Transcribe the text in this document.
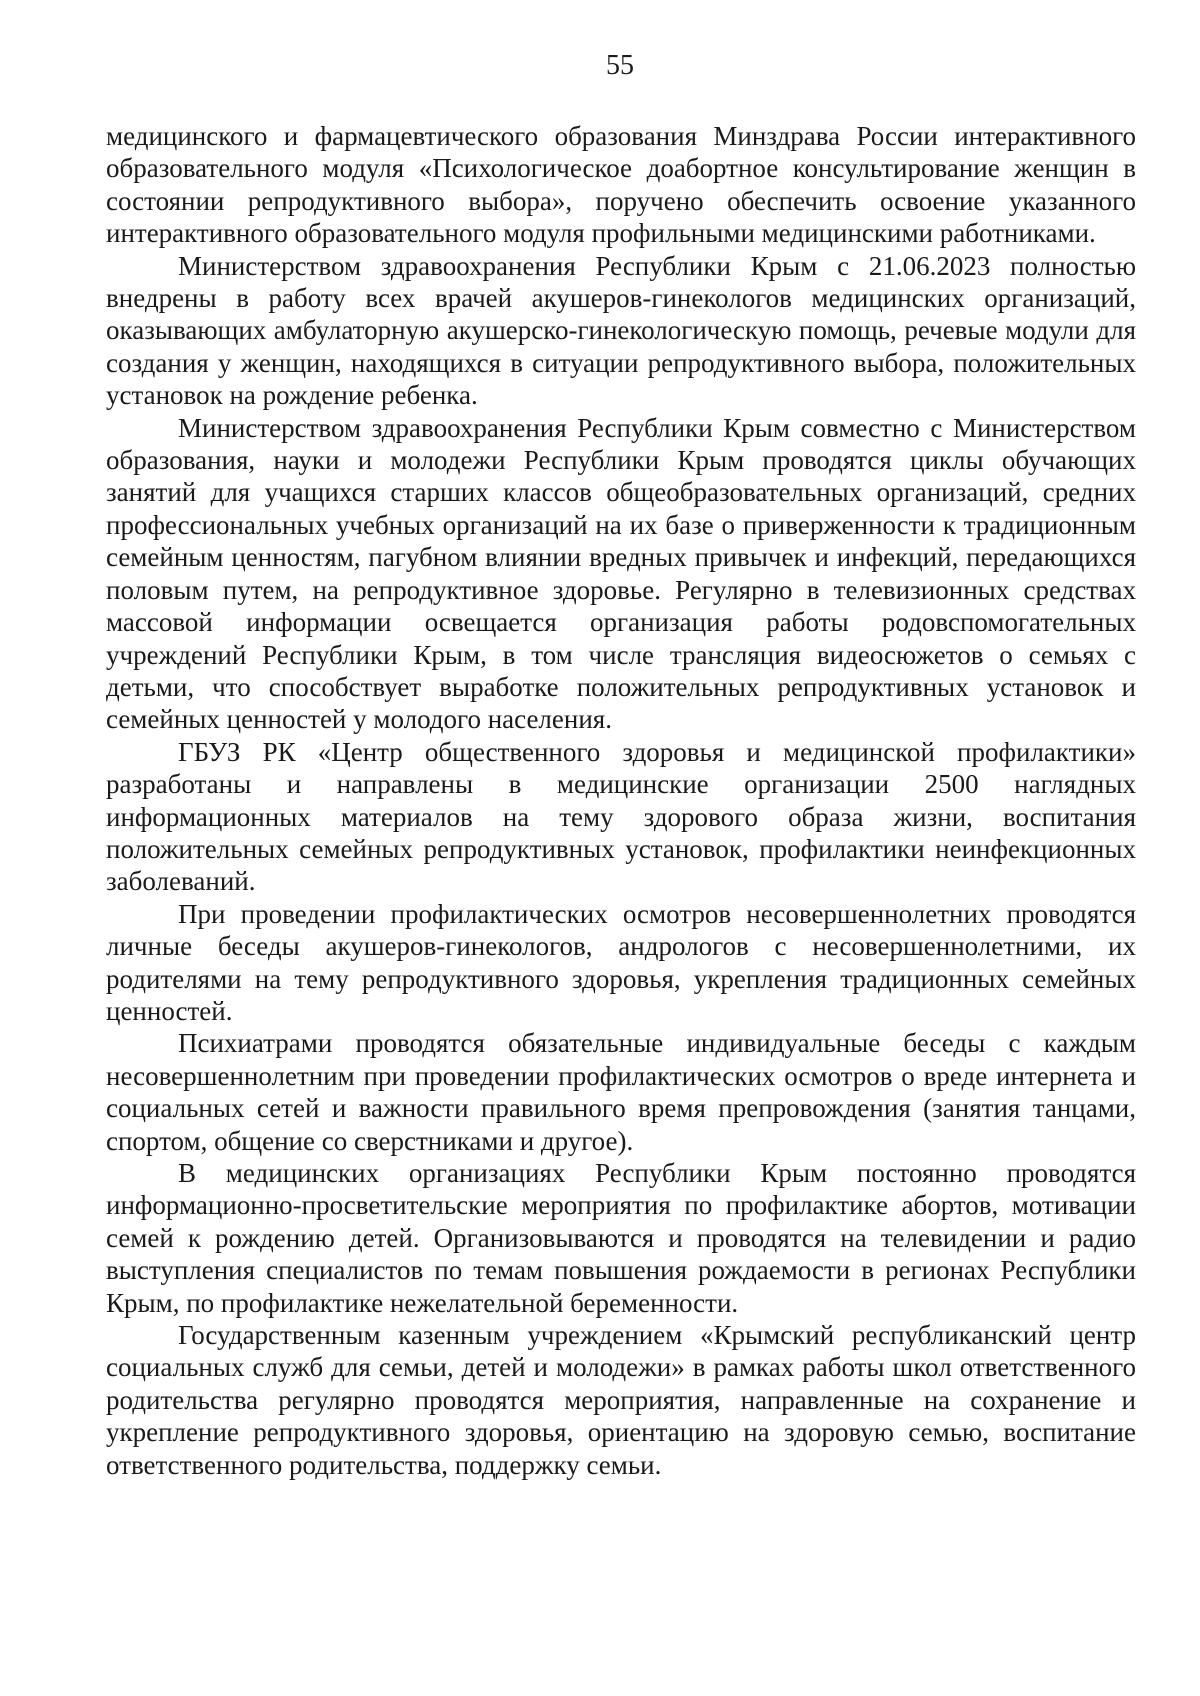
55

медицинского и фармацевтического образования Минздрава России интерактивного образовательного модуля «Психологическое доабортное консультирование женщин в состоянии репродуктивного выбора», поручено обеспечить освоение указанного интерактивного образовательного модуля профильными медицинскими работниками.

Министерством здравоохранения Республики Крым с 21.06.2023 полностью внедрены в работу всех врачей акушеров-гинекологов медицинских организаций, оказывающих амбулаторную акушерско-гинекологическую помощь, речевые модули для создания у женщин, находящихся в ситуации репродуктивного выбора, положительных установок на рождение ребенка.

Министерством здравоохранения Республики Крым совместно с Министерством образования, науки и молодежи Республики Крым проводятся циклы обучающих занятий для учащихся старших классов общеобразовательных организаций, средних профессиональных учебных организаций на их базе о приверженности к традиционным семейным ценностям, пагубном влиянии вредных привычек и инфекций, передающихся половым путем, на репродуктивное здоровье. Регулярно в телевизионных средствах массовой информации освещается организация работы родовспомогательных учреждений Республики Крым, в том числе трансляция видеосюжетов о семьях с детьми, что способствует выработке положительных репродуктивных установок и семейных ценностей у молодого населения.

ГБУЗ РК «Центр общественного здоровья и медицинской профилактики» разработаны и направлены в медицинские организации 2500 наглядных информационных материалов на тему здорового образа жизни, воспитания положительных семейных репродуктивных установок, профилактики неинфекционных заболеваний.

При проведении профилактических осмотров несовершеннолетних проводятся личные беседы акушеров-гинекологов, андрологов с несовершеннолетними, их родителями на тему репродуктивного здоровья, укрепления традиционных семейных ценностей.

Психиатрами проводятся обязательные индивидуальные беседы с каждым несовершеннолетним при проведении профилактических осмотров о вреде интернета и социальных сетей и важности правильного время препровождения (занятия танцами, спортом, общение со сверстниками и другое).

В медицинских организациях Республики Крым постоянно проводятся информационно-просветительские мероприятия по профилактике абортов, мотивации семей к рождению детей. Организовываются и проводятся на телевидении и радио выступления специалистов по темам повышения рождаемости в регионах Республики Крым, по профилактике нежелательной беременности.

Государственным казенным учреждением «Крымский республиканский центр социальных служб для семьи, детей и молодежи» в рамках работы школ ответственного родительства регулярно проводятся мероприятия, направленные на сохранение и укрепление репродуктивного здоровья, ориентацию на здоровую семью, воспитание ответственного родительства, поддержку семьи.
